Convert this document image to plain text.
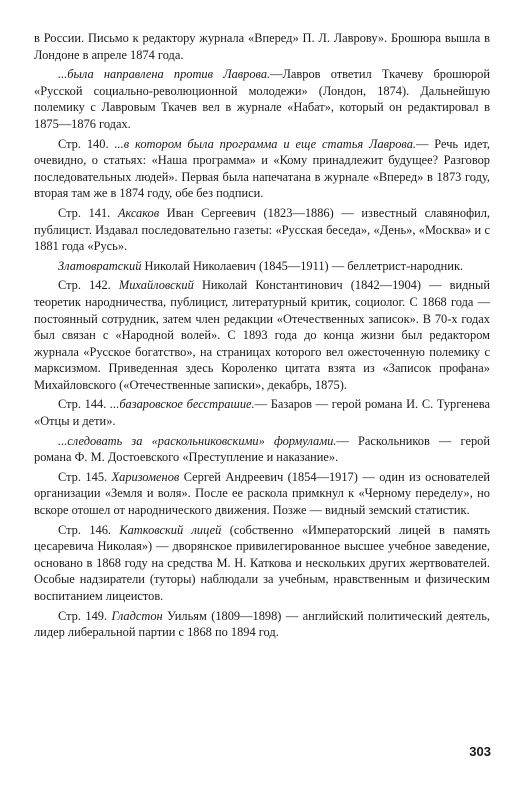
в России. Письмо к редактору журнала «Вперед» П. Л. Лаврову». Брошюра вышла в Лондоне в апреле 1874 года.

...была направлена против Лаврова.—Лавров ответил Ткачеву брошюрой «Русской социально-революционной молодежи» (Лондон, 1874). Дальнейшую полемику с Лавровым Ткачев вел в журнале «Набат», который он редактировал в 1875—1876 годах.

Стр. 140. ...в котором была программа и еще статья Лаврова.— Речь идет, очевидно, о статьях: «Наша программа» и «Кому принадлежит будущее? Разговор последовательных людей». Первая была напечатана в журнале «Вперед» в 1873 году, вторая там же в 1874 году, обе без подписи.

Стр. 141. Аксаков Иван Сергеевич (1823—1886) — известный славянофил, публицист. Издавал последовательно газеты: «Русская беседа», «День», «Москва» и с 1881 года «Русь».

Златовратский Николай Николаевич (1845—1911) — беллетрист-народник.

Стр. 142. Михайловский Николай Константинович (1842—1904) — видный теоретик народничества, публицист, литературный критик, социолог. С 1868 года — постоянный сотрудник, затем член редакции «Отечественных записок». В 70-х годах был связан с «Народной волей». С 1893 года до конца жизни был редактором журнала «Русское богатство», на страницах которого вел ожесточенную полемику с марксизмом. Приведенная здесь Короленко цитата взята из «Записок профана» Михайловского («Отечественные записки», декабрь, 1875).

Стр. 144. ...базаровское бесстрашие.— Базаров — герой романа И. С. Тургенева «Отцы и дети».

...следовать за «раскольниковскими» формулами.— Раскольников — герой романа Ф. М. Достоевского «Преступление и наказание».

Стр. 145. Харизоменов Сергей Андреевич (1854—1917) — один из основателей организации «Земля и воля». После ее раскола примкнул к «Черному переделу», но вскоре отошел от народнического движения. Позже — видный земский статистик.

Стр. 146. Катковский лицей (собственно «Императорский лицей в память цесаревича Николая») — дворянское привилегированное высшее учебное заведение, основано в 1868 году на средства М. Н. Каткова и нескольких других жертвователей. Особые надзиратели (туторы) наблюдали за учебным, нравственным и физическим воспитанием лицеистов.

Стр. 149. Гладстон Уильям (1809—1898) — английский политический деятель, лидер либеральной партии с 1868 по 1894 год.

303
